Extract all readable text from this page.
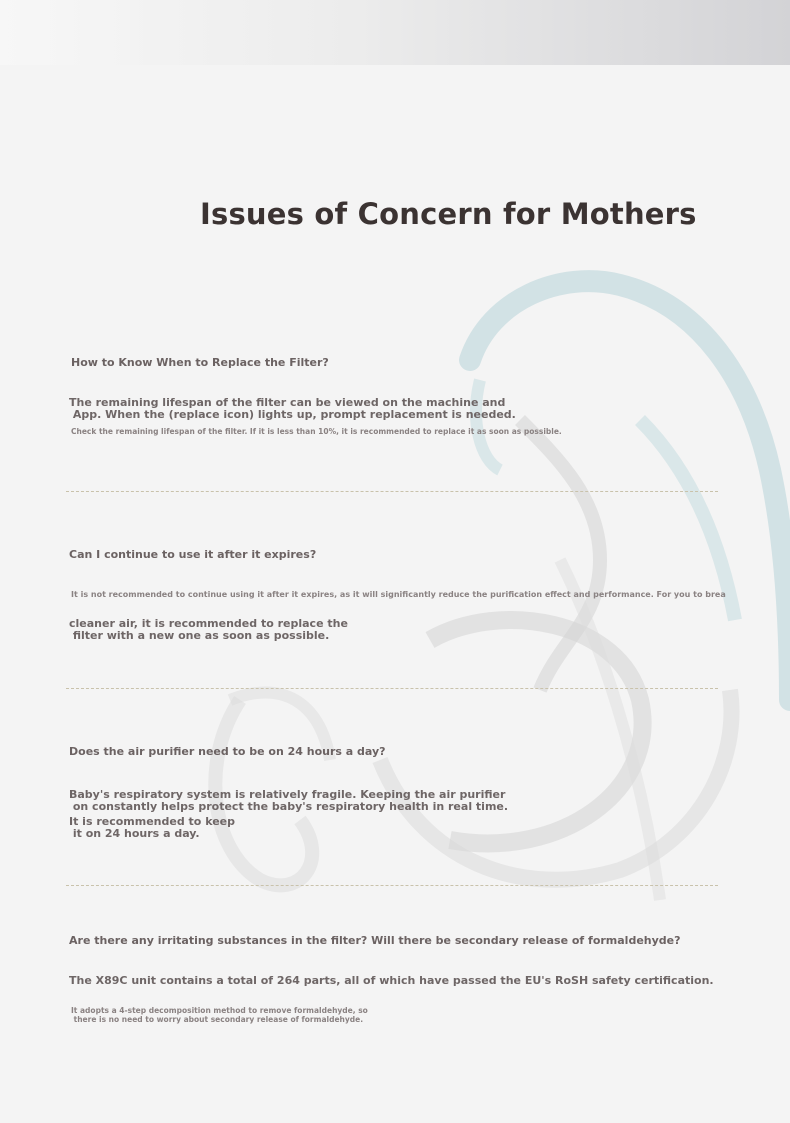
Issues of Concern for Mothers

How to Know When to Replace the Filter?

The remaining lifespan of the filter can be viewed on the machine and
App. When the (replace icon) lights up, prompt replacement is needed.

Check the remaining lifespan of the filter. If it is less than 10%, it is recommended to replace it as soon as possible.

Can I continue to use it after it expires?

It is not recommended to continue using it after it expires, as it will significantly reduce the purification effect and performance. For you to brea

cleaner air, it is recommended to replace the
filter with a new one as soon as possible.

Does the air purifier need to be on 24 hours a day?

Baby's respiratory system is relatively fragile. Keeping the air purifier
on constantly helps protect the baby's respiratory health in real time.

It is recommended to keep
it on 24 hours a day.

Are there any irritating substances in the filter? Will there be secondary release of formaldehyde?

The X89C unit contains a total of 264 parts, all of which have passed the EU's RoSH safety certification.

It adopts a 4-step decomposition method to remove formaldehyde, so
there is no need to worry about secondary release of formaldehyde.
